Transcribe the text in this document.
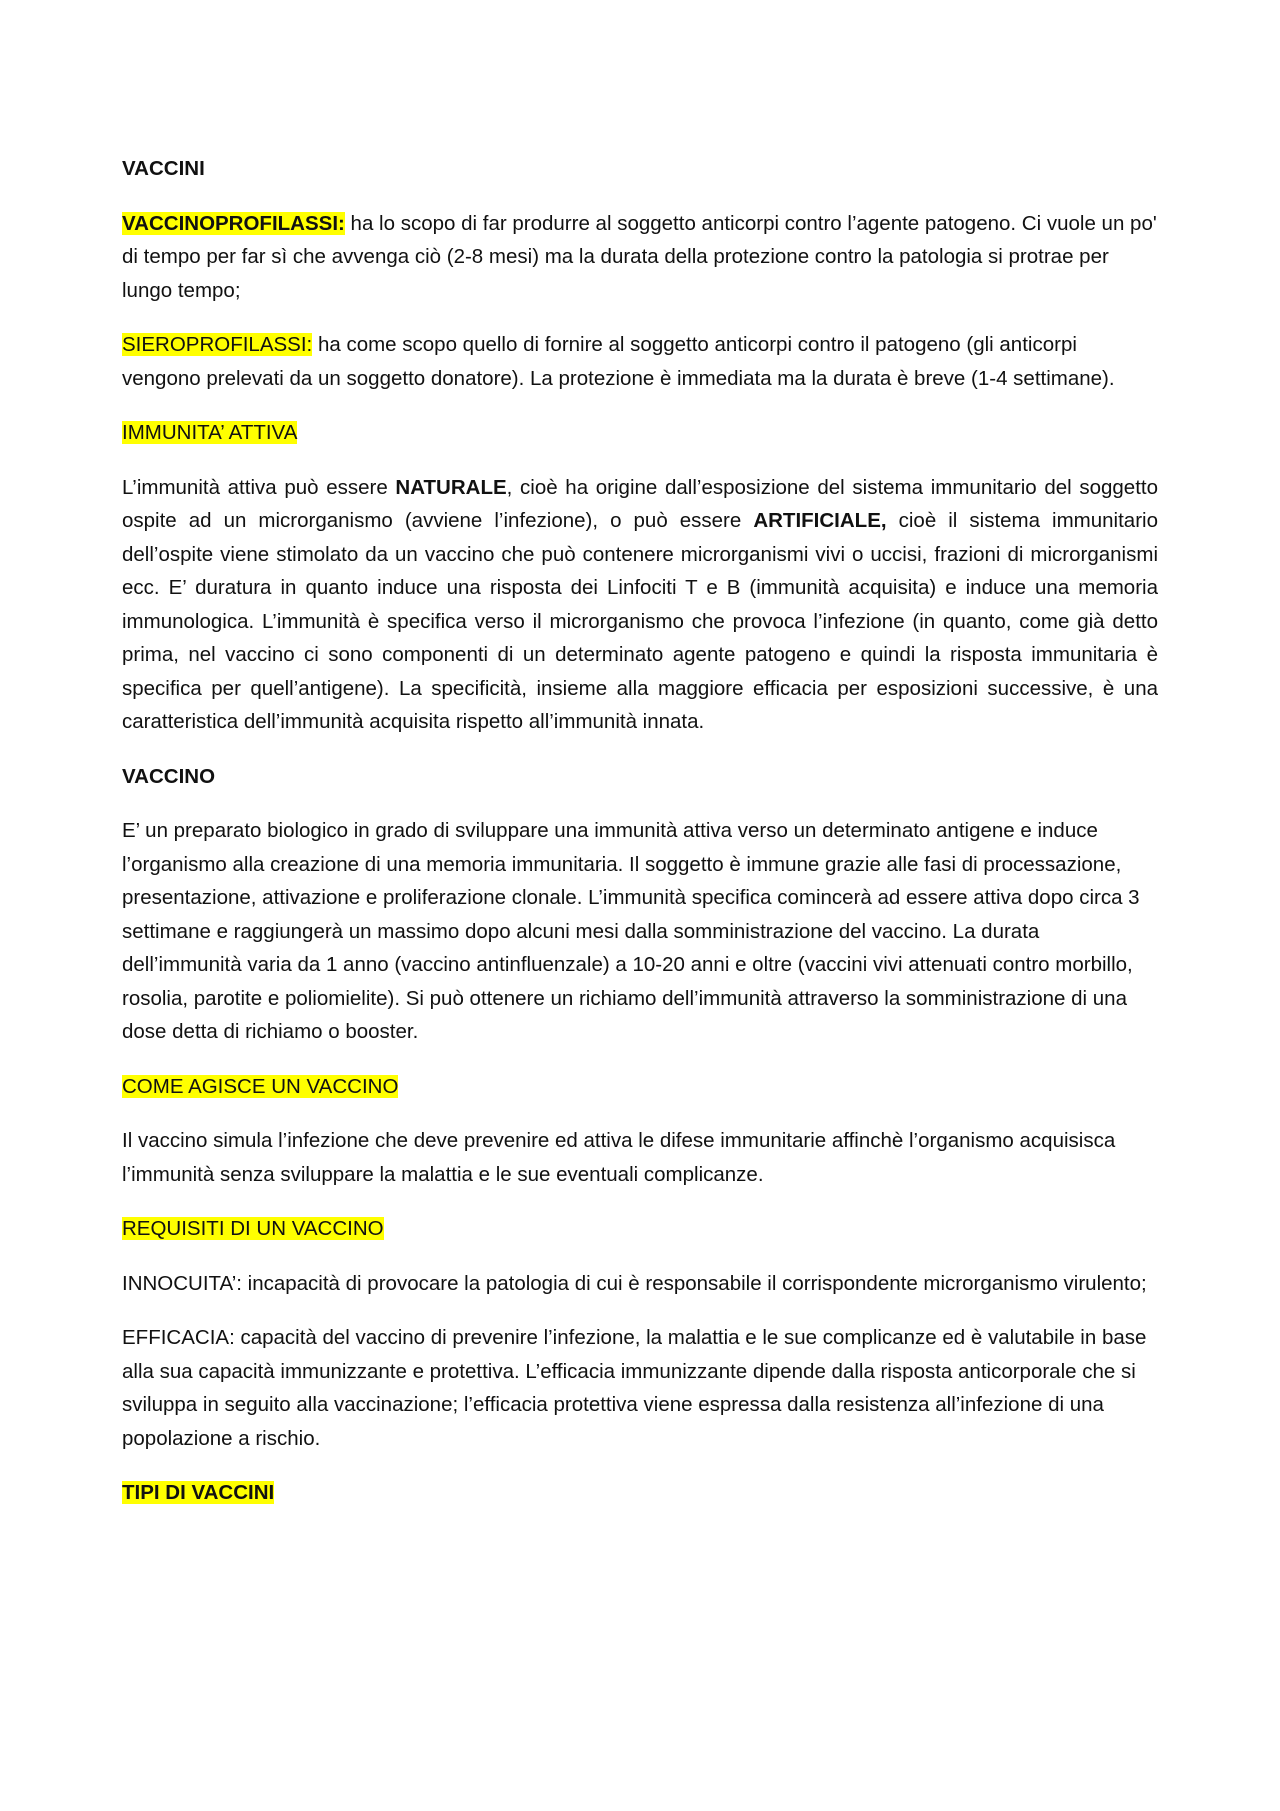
VACCINI

VACCINOPROFILASSI: ha lo scopo di far produrre al soggetto anticorpi contro l’agente patogeno. Ci vuole un po' di tempo per far sì che avvenga ciò (2-8 mesi) ma la durata della protezione contro la patologia si protrae per lungo tempo;

SIEROPROFILASSI: ha come scopo quello di fornire al soggetto anticorpi contro il patogeno (gli anticorpi vengono prelevati da un soggetto donatore). La protezione è immediata ma la durata è breve (1-4 settimane).

IMMUNITA’ ATTIVA

L’immunità attiva può essere NATURALE, cioè ha origine dall’esposizione del sistema immunitario del soggetto ospite ad un microrganismo (avviene l’infezione), o può essere ARTIFICIALE, cioè il sistema immunitario dell’ospite viene stimolato da un vaccino che può contenere microrganismi vivi o uccisi, frazioni di microrganismi ecc. E’ duratura in quanto induce una risposta dei Linfociti T e B (immunità acquisita) e induce una memoria immunologica. L’immunità è specifica verso il microrganismo che provoca l’infezione (in quanto, come già detto prima, nel vaccino ci sono componenti di un determinato agente patogeno e quindi la risposta immunitaria è specifica per quell’antigene). La specificità, insieme alla maggiore efficacia per esposizioni successive, è una caratteristica dell’immunità acquisita rispetto all’immunità innata.

VACCINO

E’ un preparato biologico in grado di sviluppare una immunità attiva verso un determinato antigene e induce l’organismo alla creazione di una memoria immunitaria. Il soggetto è immune grazie alle fasi di processazione, presentazione, attivazione e proliferazione clonale. L’immunità specifica comincerà ad essere attiva dopo circa 3 settimane e raggiungerà un massimo dopo alcuni mesi dalla somministrazione del vaccino. La durata dell’immunità varia da 1 anno (vaccino antinfluenzale) a 10-20 anni e oltre (vaccini vivi attenuati contro morbillo, rosolia, parotite e poliomielite). Si può ottenere un richiamo dell’immunità attraverso la somministrazione di una dose detta di richiamo o booster.

COME AGISCE UN VACCINO

Il vaccino simula l’infezione che deve prevenire ed attiva le difese immunitarie affinchè l’organismo acquisisca l’immunità senza sviluppare la malattia e le sue eventuali complicanze.

REQUISITI DI UN VACCINO

INNOCUITA’: incapacità di provocare la patologia di cui è responsabile il corrispondente microrganismo virulento;

EFFICACIA: capacità del vaccino di prevenire l’infezione, la malattia e le sue complicanze ed è valutabile in base alla sua capacità immunizzante e protettiva. L’efficacia immunizzante dipende dalla risposta anticorporale che si sviluppa in seguito alla vaccinazione; l’efficacia protettiva viene espressa dalla resistenza all’infezione di una popolazione a rischio.

TIPI DI VACCINI
